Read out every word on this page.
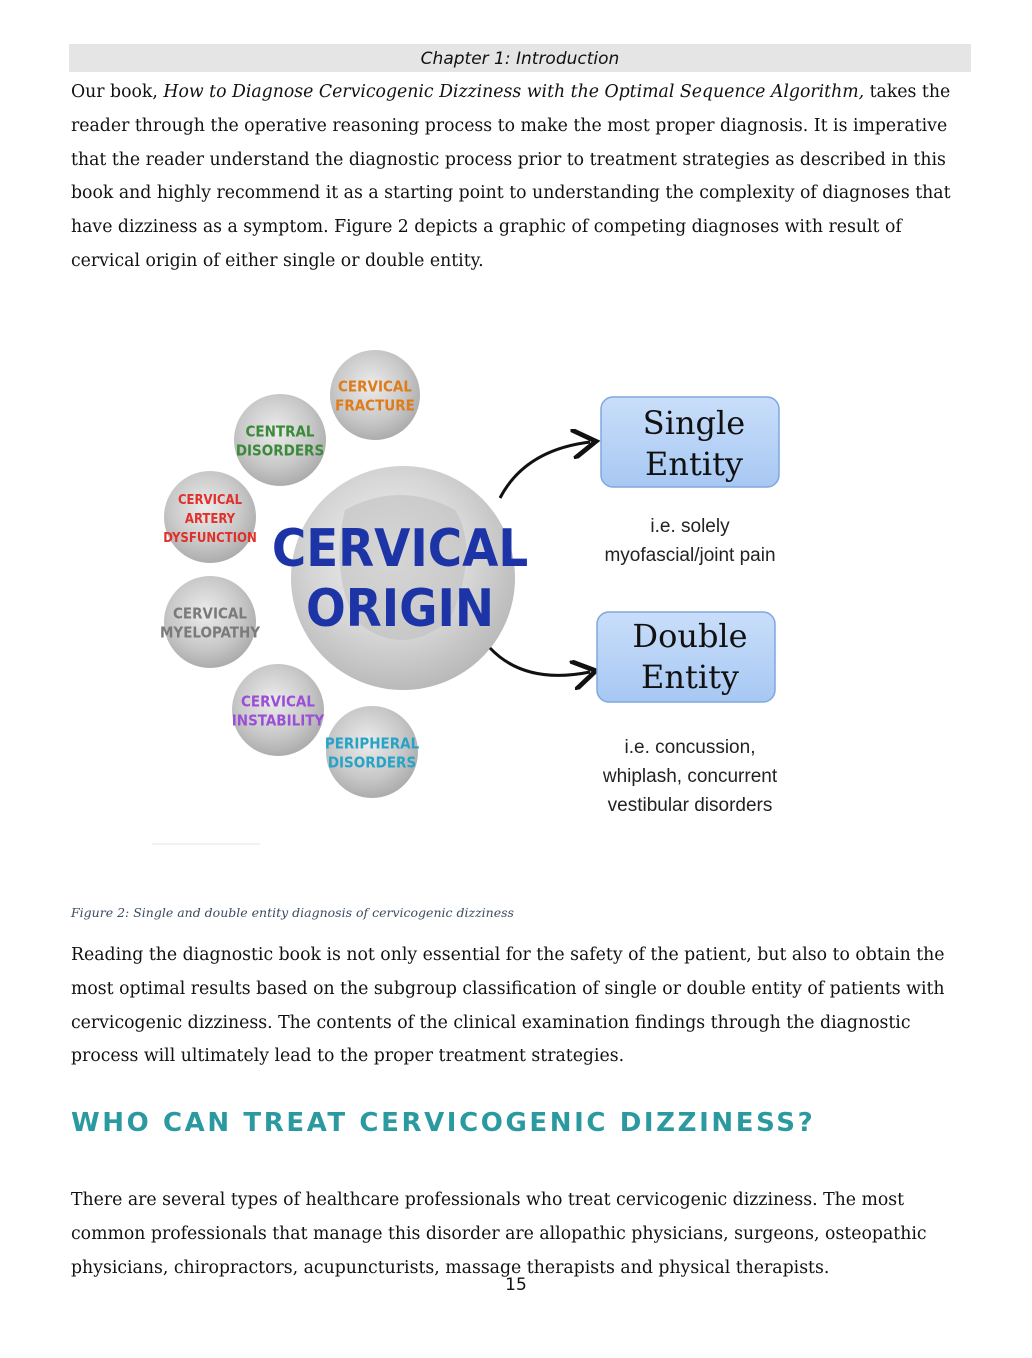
Chapter 1: Introduction

Our book, How to Diagnose Cervicogenic Dizziness with the Optimal Sequence Algorithm, takes the reader through the operative reasoning process to make the most proper diagnosis. It is imperative that the reader understand the diagnostic process prior to treatment strategies as described in this book and highly recommend it as a starting point to understanding the complexity of diagnoses that have dizziness as a symptom. Figure 2 depicts a graphic of competing diagnoses with result of cervical origin of either single or double entity.

CERVICAL
ORIGIN
CERVICAL
FRACTURE
CENTRAL
DISORDERS
CERVICAL
ARTERY
DYSFUNCTION
CERVICAL
MYELOPATHY
CERVICAL
INSTABILITY
PERIPHERAL
DISORDERS
Single
Entity
i.e. solely
myofascial/joint pain
Double
Entity
i.e. concussion,
whiplash, concurrent
vestibular disorders
Figure 2: Single and double entity diagnosis of cervicogenic dizziness

Reading the diagnostic book is not only essential for the safety of the patient, but also to obtain the most optimal results based on the subgroup classification of single or double entity of patients with cervicogenic dizziness. The contents of the clinical examination findings through the diagnostic process will ultimately lead to the proper treatment strategies.

WHO CAN TREAT CERVICOGENIC DIZZINESS?

There are several types of healthcare professionals who treat cervicogenic dizziness. The most common professionals that manage this disorder are allopathic physicians, surgeons, osteopathic physicians, chiropractors, acupuncturists, massage therapists and physical therapists.

15
